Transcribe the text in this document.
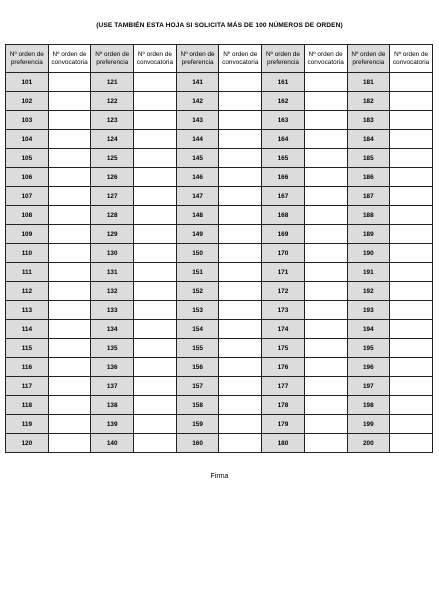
(USE TAMBIÉN ESTA HOJA SI SOLICITA MÁS DE 100 NÚMEROS DE ORDEN)
Nº orden de preferencia	Nº orden de convocatoria	Nº orden de preferencia	Nº orden de convocatoria	Nº orden de preferencia	Nº orden de convocatoria	Nº orden de preferencia	Nº orden de convocatoria	Nº orden de preferencia	Nº orden de convocatoria
101		121		141		161		181	
102		122		142		162		182	
103		123		143		163		183	
104		124		144		164		184	
105		125		145		165		185	
106		126		146		166		186	
107		127		147		167		187	
108		128		148		168		188	
109		129		149		169		189	
110		130		150		170		190	
111		131		151		171		191	
112		132		152		172		192	
113		133		153		173		193	
114		134		154		174		194	
115		135		155		175		195	
116		136		156		176		196	
117		137		157		177		197	
118		138		158		178		198	
119		139		159		179		199	
120		140		160		180		200	
Firma
